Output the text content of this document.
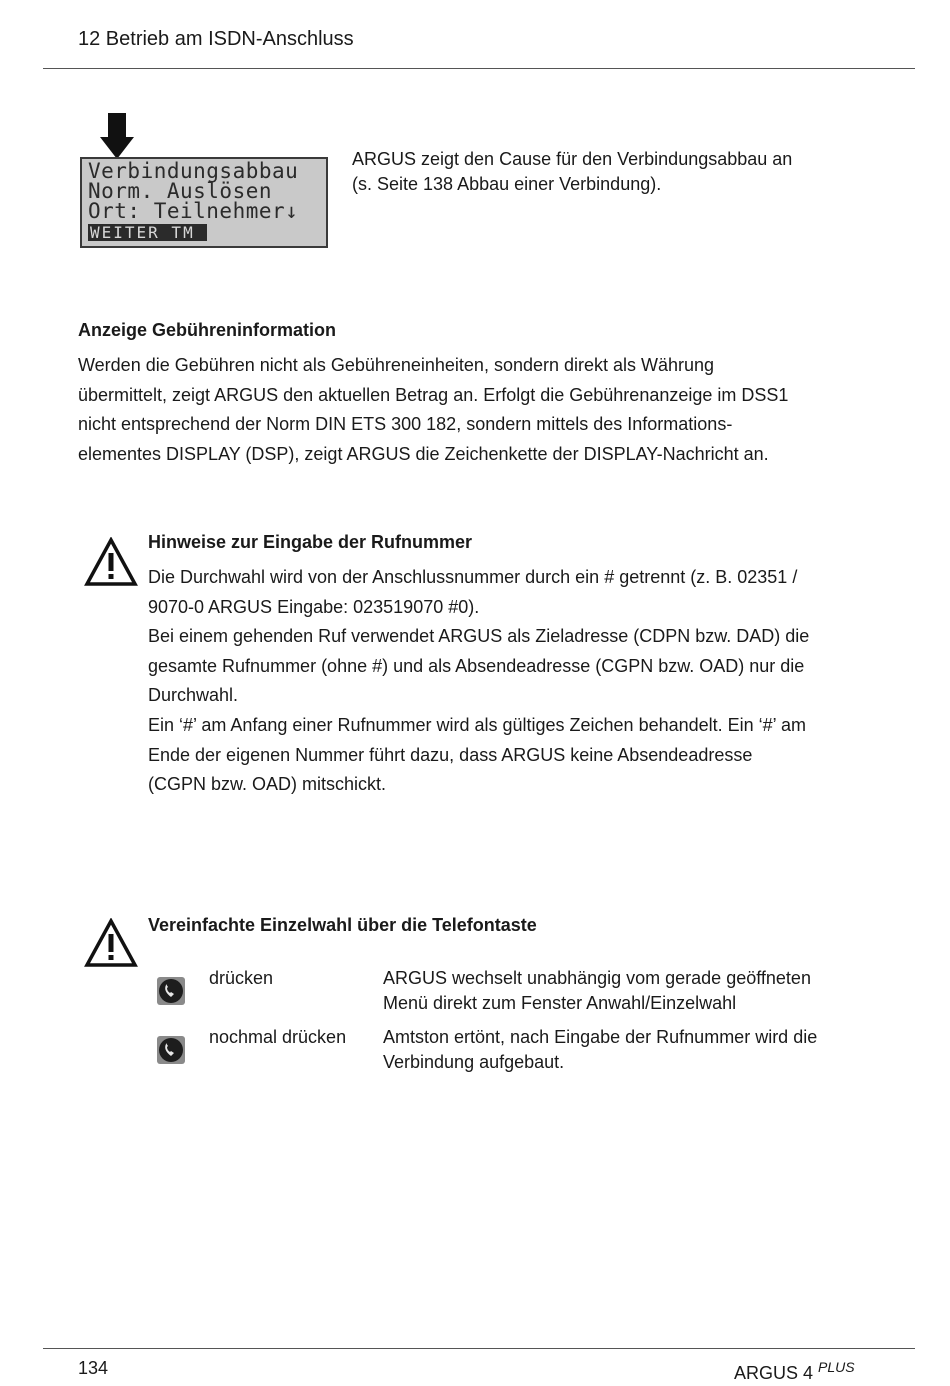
12 Betrieb am ISDN-Anschluss
Verbindungsabbau
Norm. Auslösen
Ort: Teilnehmer↓
WEITER TM
ARGUS zeigt den Cause für den Verbindungsabbau an
(s. Seite 138 Abbau einer Verbindung).
Anzeige Gebühreninformation
Werden die Gebühren nicht als Gebühreneinheiten, sondern direkt als Währung
übermittelt, zeigt ARGUS den aktuellen Betrag an. Erfolgt die Gebührenanzeige im DSS1
nicht entsprechend der Norm DIN ETS 300 182, sondern mittels des Informations-
elementes DISPLAY (DSP), zeigt ARGUS die Zeichenkette der DISPLAY-Nachricht an.
Hinweise zur Eingabe der Rufnummer
Die Durchwahl wird von der Anschlussnummer durch ein # getrennt (z. B. 02351 /
9070-0 ARGUS Eingabe: 023519070 #0).
Bei einem gehenden Ruf verwendet ARGUS als Zieladresse (CDPN bzw. DAD) die
gesamte Rufnummer (ohne #) und als Absendeadresse (CGPN bzw. OAD) nur die
Durchwahl.
Ein ‘#’ am Anfang einer Rufnummer wird als gültiges Zeichen behandelt. Ein ‘#’ am
Ende der eigenen Nummer führt dazu, dass ARGUS keine Absendeadresse
(CGPN bzw. OAD) mitschickt.
Vereinfachte Einzelwahl über die Telefontaste
drücken	ARGUS wechselt unabhängig vom gerade geöffneten
Menü direkt zum Fenster Anwahl/Einzelwahl
nochmal drücken Amtston ertönt, nach Eingabe der Rufnummer wird die
Verbindung aufgebaut.
134	ARGUS 4 $^{PLUS}$
